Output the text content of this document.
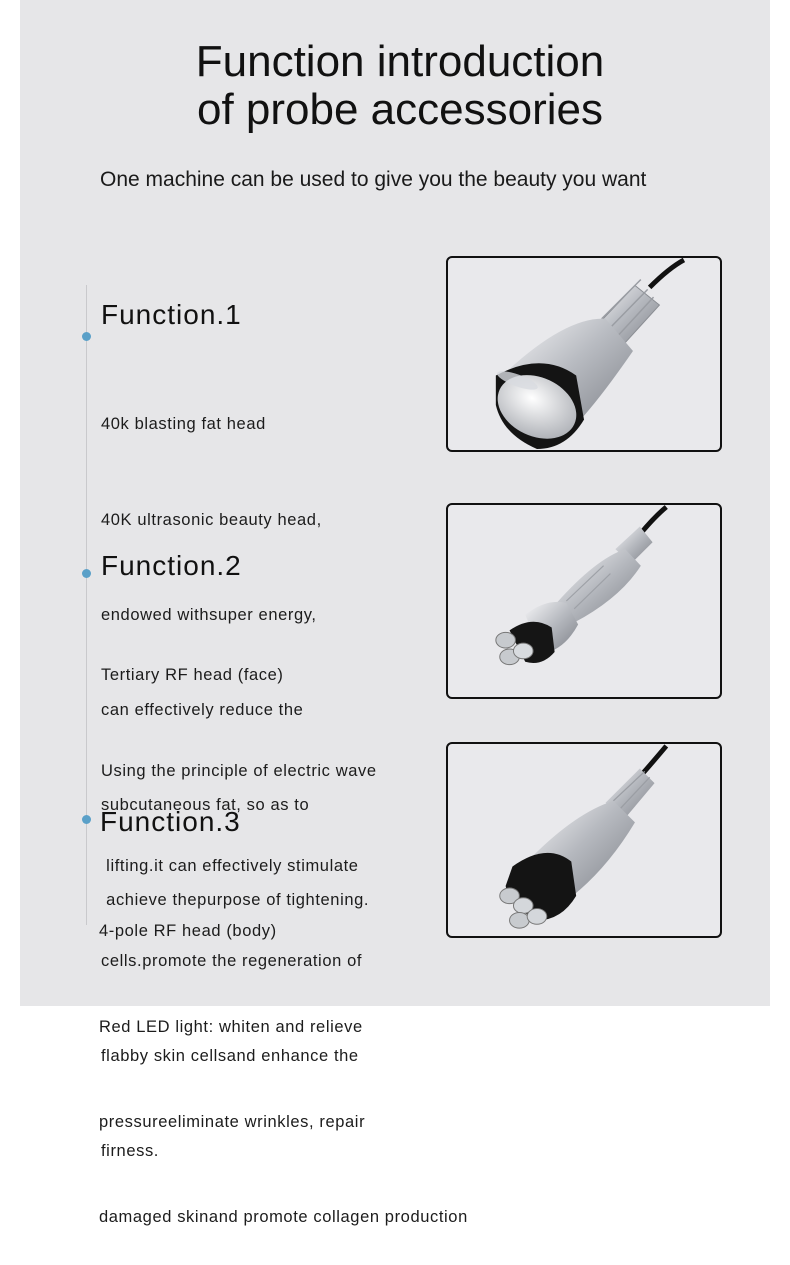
Function introduction
of probe accessories
One machine can be used to give you the beauty you want
Function.1

40k blasting fat head

40K ultrasonic beauty head,

endowed withsuper energy,

can effectively reduce the

subcutaneous fat, so as to

achieve thepurpose of tightening.

Function.2

Tertiary RF head (face)

Using the principle of electric wave

lifting.it can effectively stimulate

cells.promote the regeneration of

flabby skin cellsand enhance the

firness.

Function.3

4-pole RF head (body)

Red LED light: whiten and relieve

pressureeliminate wrinkles, repair

damaged skinand promote collagen production
